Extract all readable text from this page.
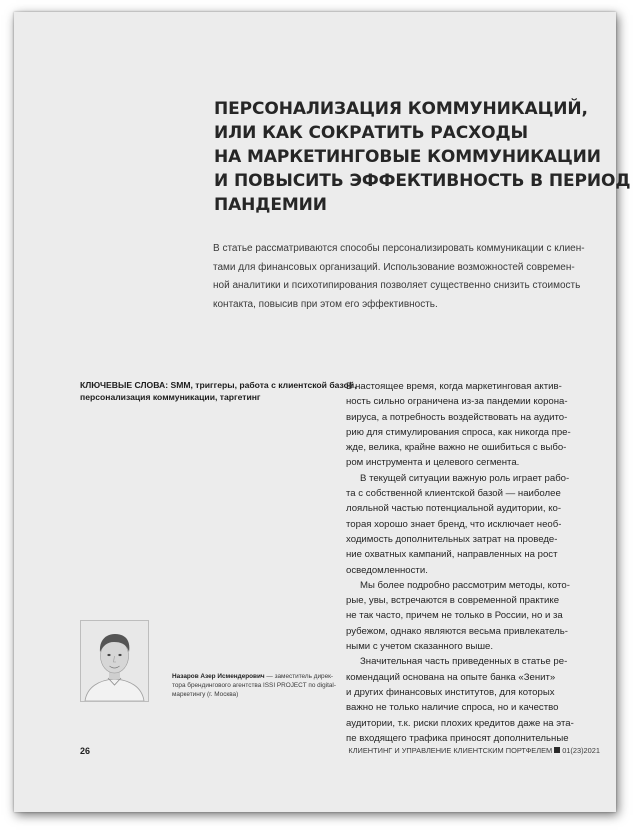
ПЕРСОНАЛИЗАЦИЯ КОММУНИКАЦИЙ,
ИЛИ КАК СОКРАТИТЬ РАСХОДЫ
НА МАРКЕТИНГОВЫЕ КОММУНИКАЦИИ
И ПОВЫСИТЬ ЭФФЕКТИВНОСТЬ В ПЕРИОД
ПАНДЕМИИ
В статье рассматриваются способы персонализировать коммуникации с клиен-
тами для финансовых организаций. Использование возможностей современ-
ной аналитики и психотипирования позволяет существенно снизить стоимость
контакта, повысив при этом его эффективность.
КЛЮЧЕВЫЕ СЛОВА: SMM, триггеры, работа с клиентской базой,
персонализация коммуникации, таргетинг
В настоящее время, когда маркетинговая актив-
ность сильно ограничена из-за пандемии корона-
вируса, а потребность воздействовать на аудито-
рию для стимулирования спроса, как никогда пре-
жде, велика, крайне важно не ошибиться с выбо-
ром инструмента и целевого сегмента.
В текущей ситуации важную роль играет рабо-
та с собственной клиентской базой — наиболее
лояльной частью потенциальной аудитории, ко-
торая хорошо знает бренд, что исключает необ-
ходимость дополнительных затрат на проведе-
ние охватных кампаний, направленных на рост
осведомленности.
Мы более подробно рассмотрим методы, кото-
рые, увы, встречаются в современной практике
не так часто, причем не только в России, но и за
рубежом, однако являются весьма привлекатель-
ными с учетом сказанного выше.
Значительная часть приведенных в статье ре-
комендаций основана на опыте банка «Зенит»
и других финансовых институтов, для которых
важно не только наличие спроса, но и качество
аудитории, т.к. риски плохих кредитов даже на эта-
пе входящего трафика приносят дополнительные
Назаров Азер Исмендерович — заместитель дирек-
тора брендингового агентства ISSI PROJECT по digital-
маркетингу (г. Москва)
26	КЛИЕНТИНГ И УПРАВЛЕНИЕ КЛИЕНТСКИМ ПОРТФЕЛЕМ 01(23)2021
